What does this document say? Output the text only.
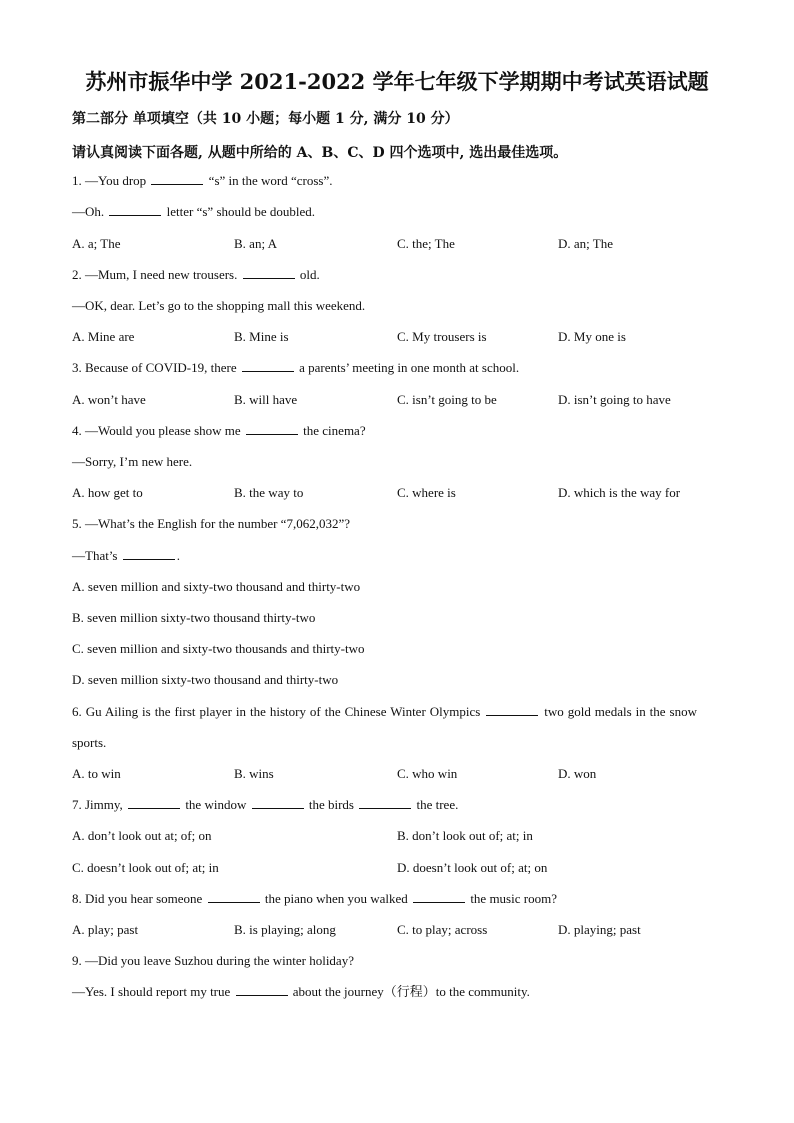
苏州市振华中学 2021-2022 学年七年级下学期期中考试英语试题
第二部分 单项填空（共 10 小题；每小题 1 分, 满分 10 分）
请认真阅读下面各题, 从题中所给的 A、B、C、D 四个选项中, 选出最佳选项。
1. —You drop	“s” in the word “cross”.
—Oh.	letter “s” should be doubled.
A. a; The	B. an; A	C. the; The	D. an; The
2. —Mum, I need new trousers.	old.
—OK, dear. Let’s go to the shopping mall this weekend.
A. Mine are	B. Mine is	C. My trousers is	D. My one is
3. Because of COVID-19, there	a parents’ meeting in one month at school.
A. won’t have	B. will have	C. isn’t going to be	D. isn’t going to have
4. —Would you please show me	the cinema?
—Sorry, I’m new here.
A. how get to	B. the way to	C. where is	D. which is the way for
5. —What’s the English for the number “7,062,032”?
—That’s	.
A. seven million and sixty-two thousand and thirty-two
B. seven million sixty-two thousand thirty-two
C. seven million and sixty-two thousands and thirty-two
D. seven million sixty-two thousand and thirty-two
6. Gu Ailing is the first player in the history of the Chinese Winter Olympics	two gold medals in the snow sports.
A. to win	B. wins	C. who win	D. won
7. Jimmy,	the window	the birds	the tree.
A. don’t look out at; of; on	B. don’t look out of; at; in
C. doesn’t look out of; at; in	D. doesn’t look out of; at; on
8. Did you hear someone	the piano when you walked	the music room?
A. play; past	B. is playing; along	C. to play; across	D. playing; past
9. —Did you leave Suzhou during the winter holiday?
—Yes. I should report my true	about the journey（行程）to the community.
